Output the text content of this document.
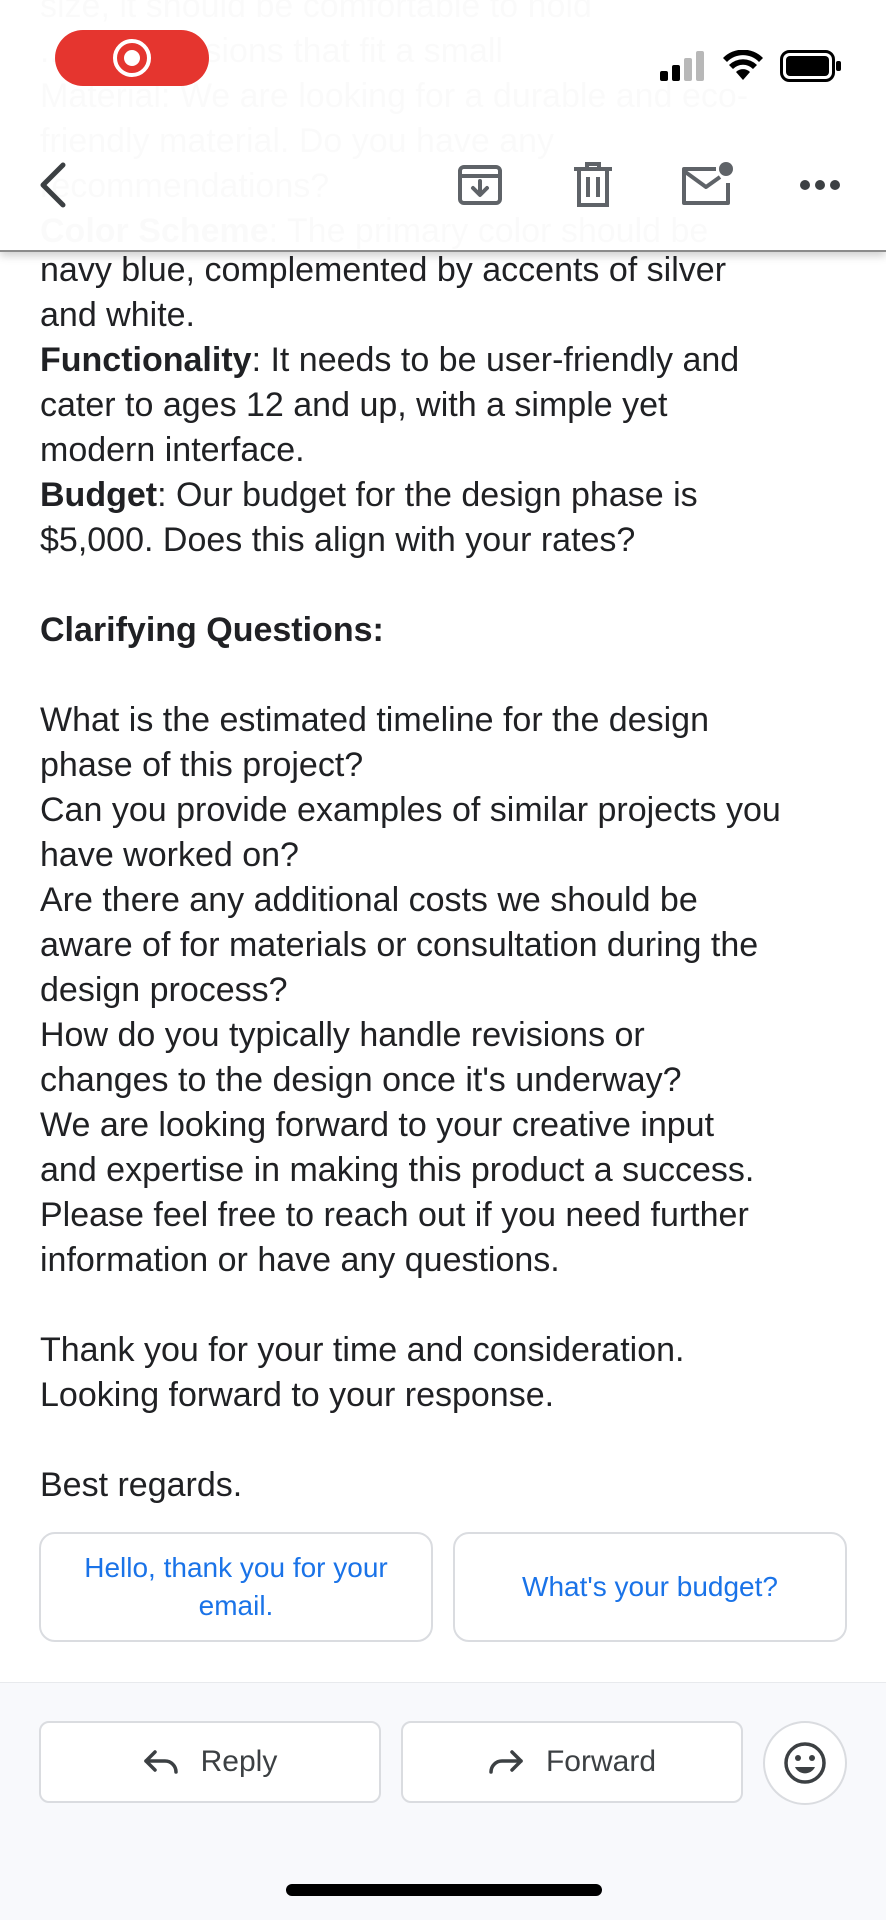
navy blue, complemented by accents of silver

and white.

Functionality: It needs to be user-friendly and

cater to ages 12 and up, with a simple yet

modern interface.

Budget: Our budget for the design phase is

$5,000. Does this align with your rates?

Clarifying Questions:

What is the estimated timeline for the design

phase of this project?

Can you provide examples of similar projects you

have worked on?

Are there any additional costs we should be

aware of for materials or consultation during the

design process?

How do you typically handle revisions or

changes to the design once it's underway?

We are looking forward to your creative input

and expertise in making this product a success.

Please feel free to reach out if you need further

information or have any questions.

Thank you for your time and consideration.

Looking forward to your response.

Best regards.

Hello, thank you for your email.
What's your budget?
Reply	Forward
